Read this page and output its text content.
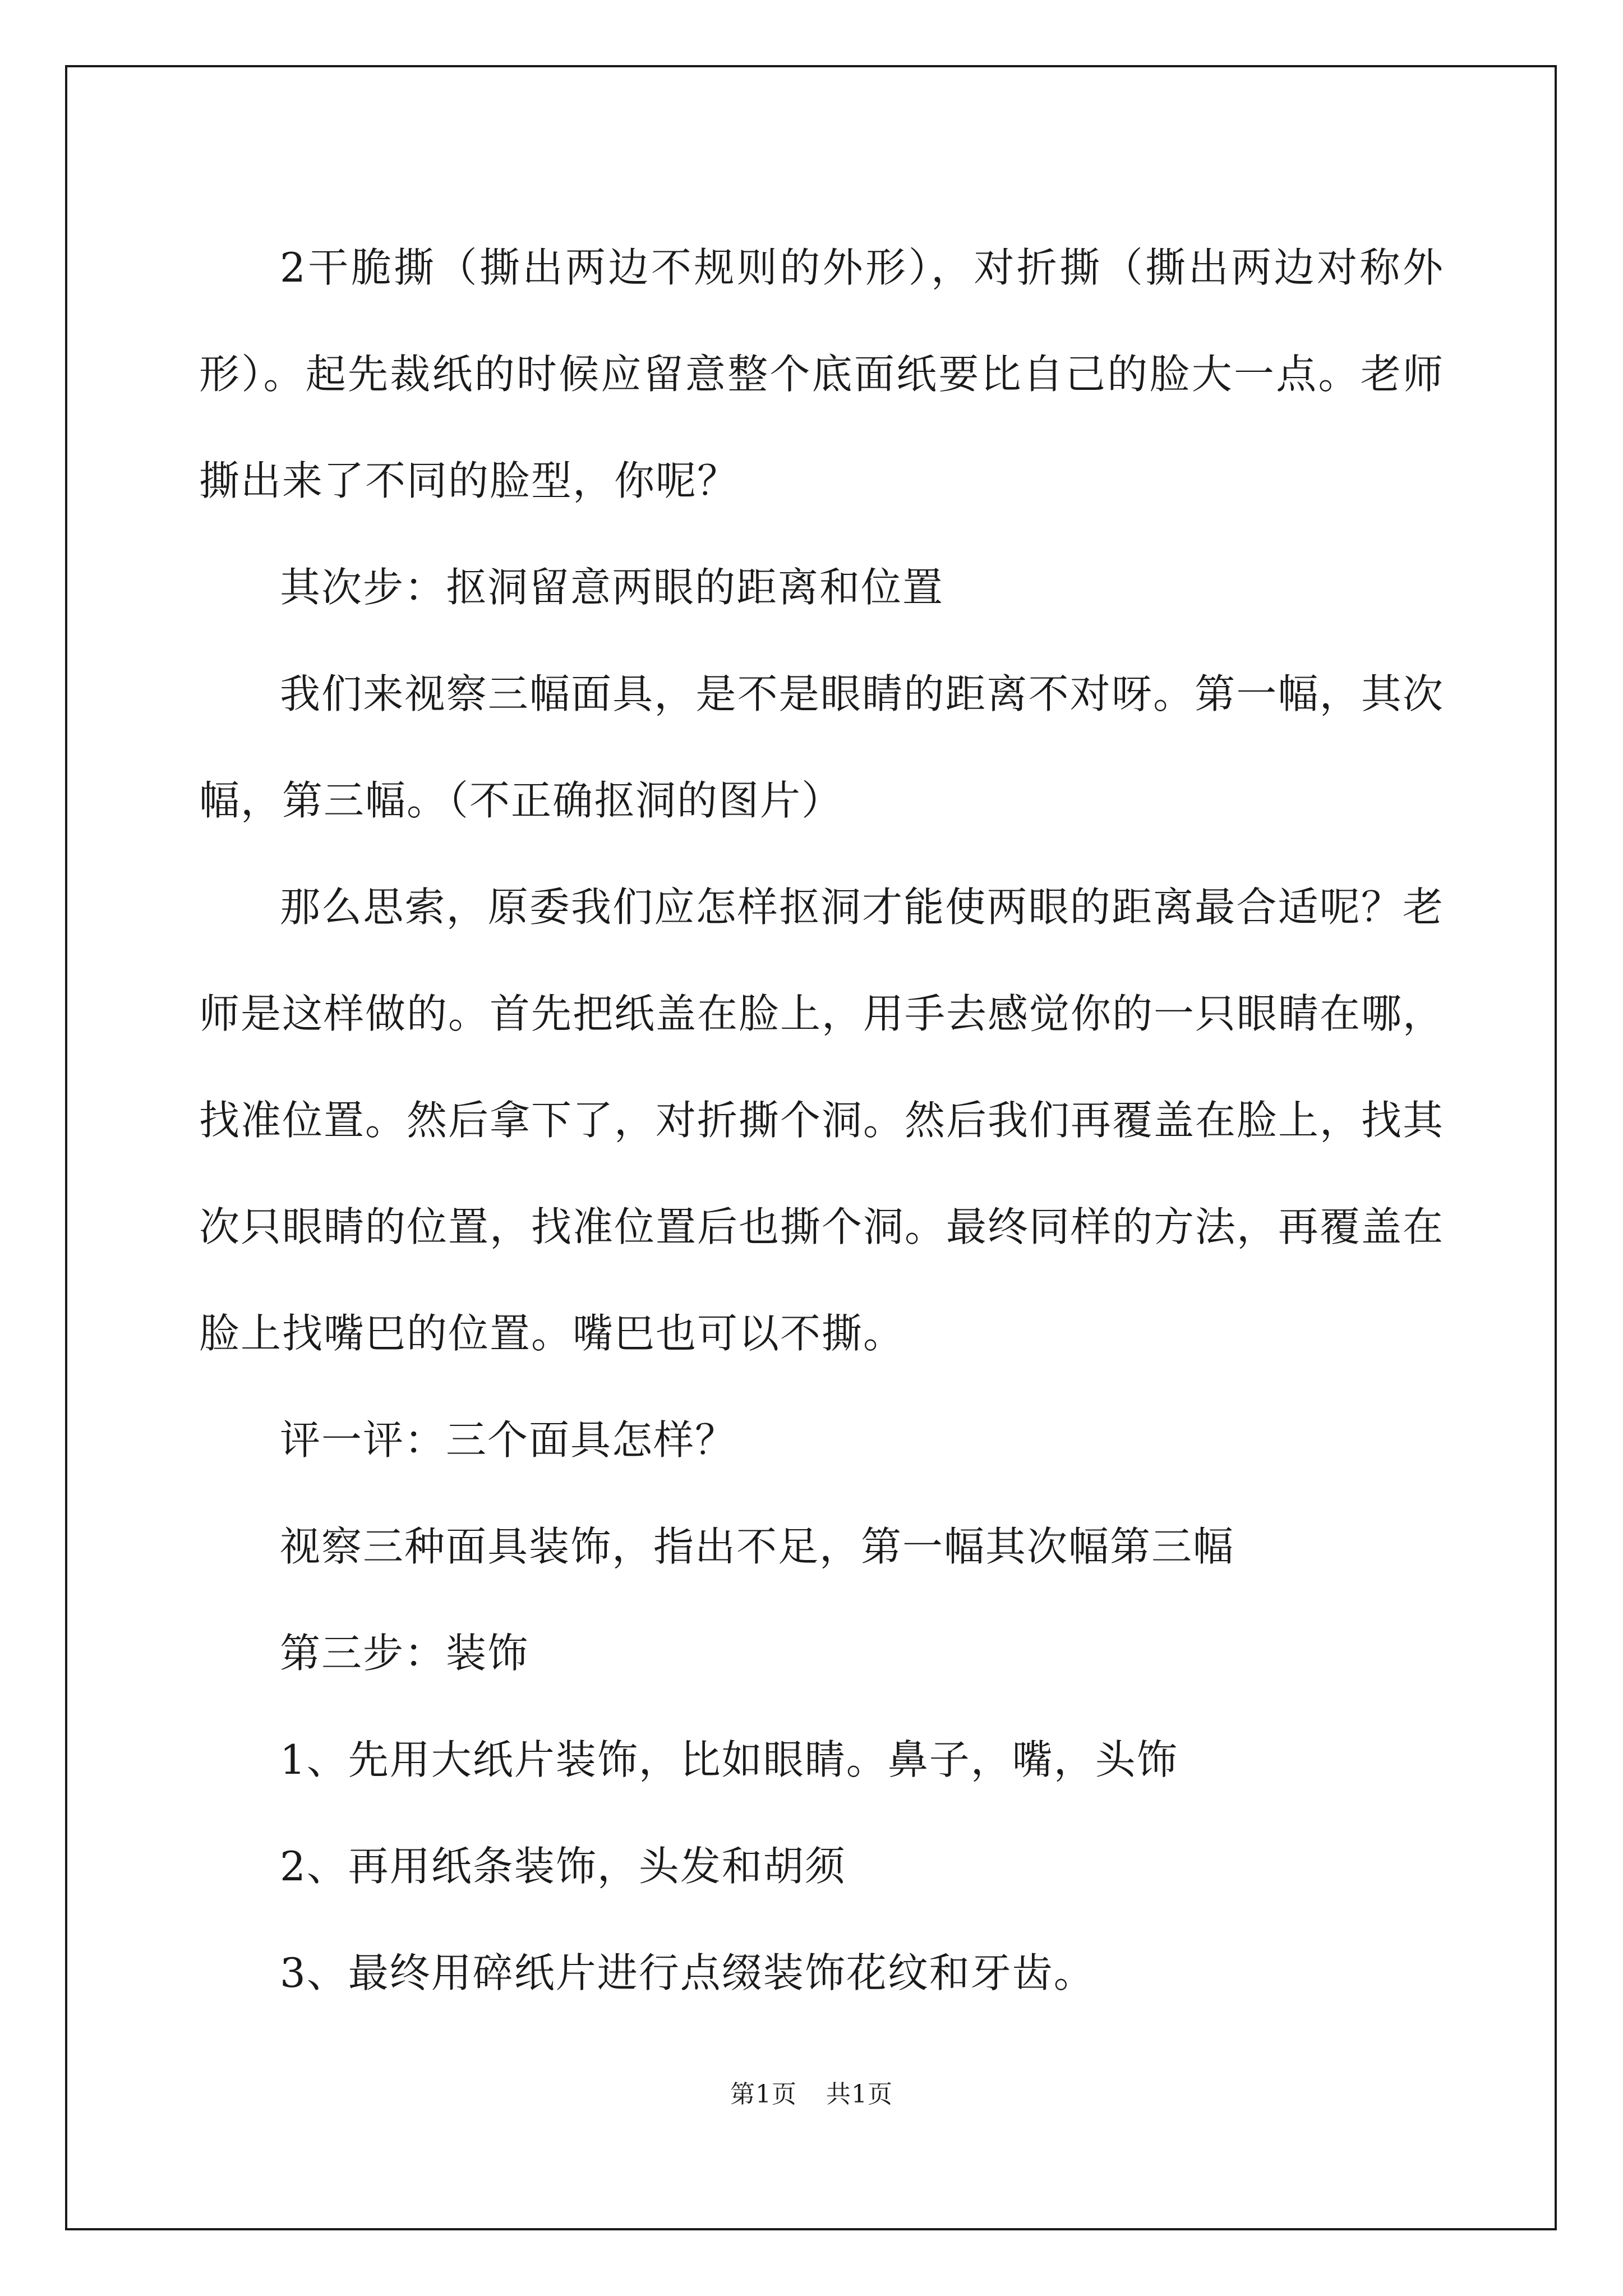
2干脆撕（撕出两边不规则的外形），对折撕（撕出两边对称外形）。起先裁纸的时候应留意整个底面纸要比自己的脸大一点。老师撕出来了不同的脸型，你呢？

其次步：抠洞留意两眼的距离和位置

我们来视察三幅面具，是不是眼睛的距离不对呀。第一幅，其次幅，第三幅。（不正确抠洞的图片）

那么思索，原委我们应怎样抠洞才能使两眼的距离最合适呢？老师是这样做的。首先把纸盖在脸上，用手去感觉你的一只眼睛在哪，找准位置。然后拿下了，对折撕个洞。然后我们再覆盖在脸上，找其次只眼睛的位置，找准位置后也撕个洞。最终同样的方法，再覆盖在脸上找嘴巴的位置。嘴巴也可以不撕。

评一评：三个面具怎样？

视察三种面具装饰，指出不足，第一幅其次幅第三幅

第三步：装饰

1、先用大纸片装饰，比如眼睛。鼻子，嘴，头饰

2、再用纸条装饰，头发和胡须

3、最终用碎纸片进行点缀装饰花纹和牙齿。

第1页 共1页
